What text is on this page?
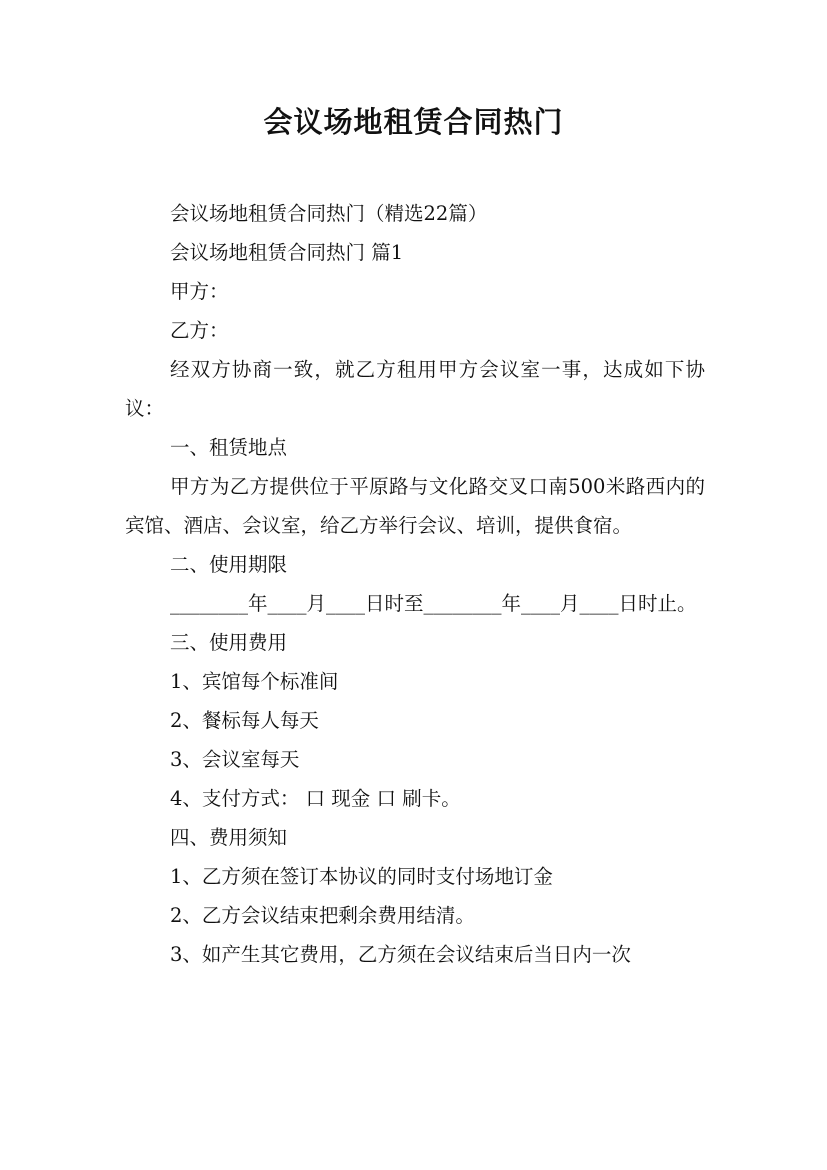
会议场地租赁合同热门

会议场地租赁合同热门（精选22篇）

会议场地租赁合同热门 篇1

甲方：

乙方：

经双方协商一致，就乙方租用甲方会议室一事，达成如下协议：

一、租赁地点

甲方为乙方提供位于平原路与文化路交叉口南500米路西内的宾馆、酒店、会议室，给乙方举行会议、培训，提供食宿。

二、使用期限

________年____月____日时至________年____月____日时止。

三、使用费用

1、宾馆每个标准间

2、餐标每人每天

3、会议室每天

4、支付方式： 口 现金 口 刷卡。

四、费用须知

1、乙方须在签订本协议的同时支付场地订金

2、乙方会议结束把剩余费用结清。

3、如产生其它费用，乙方须在会议结束后当日内一次
